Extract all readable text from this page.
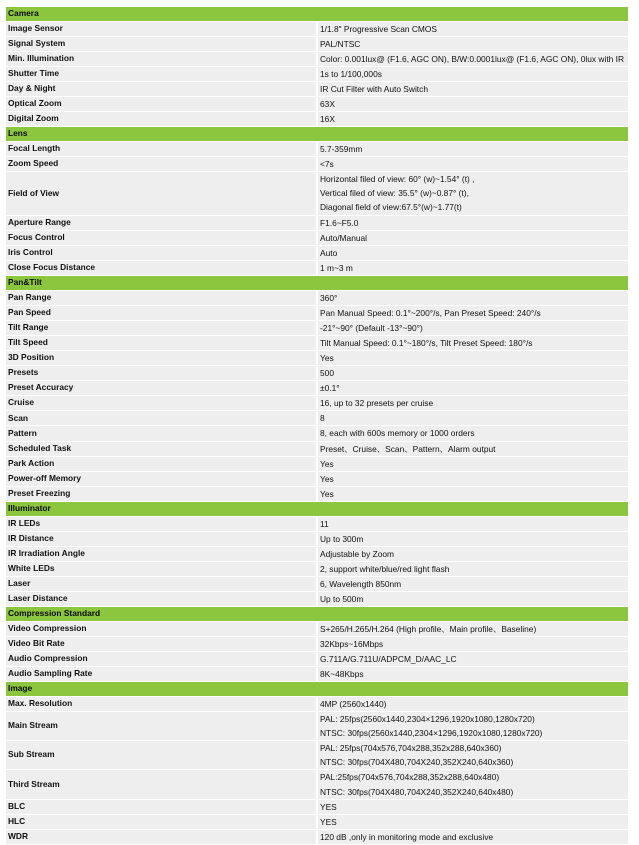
Camera	
Image Sensor	1/1.8" Progressive Scan CMOS

Signal System	PAL/NTSC

Min. Illumination	Color: 0.001lux@ (F1.6, AGC ON), B/W:0.0001lux@ (F1.6, AGC ON), 0lux with IR

Shutter Time	1s to 1/100,000s

Day & Night	IR Cut Filter with Auto Switch

Optical Zoom	63X

Digital Zoom	16X

Lens	
Focal Length	5.7-359mm

Zoom Speed	<7s

Field of View	Horizontal filed of view: 60° (w)~1.54° (t) ,
Vertical filed of view: 35.5° (w)~0.87° (t),
Diagonal field of view:67.5°(w)~1.77(t)

Aperture Range	F1.6~F5.0

Focus Control	Auto/Manual

Iris Control	Auto

Close Focus Distance	1 m~3 m

Pan&Tilt	
Pan Range	360°

Pan Speed	Pan Manual Speed: 0.1°~200°/s, Pan Preset Speed: 240°/s

Tilt Range	-21°~90° (Default -13°~90°)

Tilt Speed	Tilt Manual Speed: 0.1°~180°/s, Tilt Preset Speed: 180°/s

3D Position	Yes

Presets	500

Preset Accuracy	±0.1°

Cruise	16, up to 32 presets per cruise

Scan	8

Pattern	8, each with 600s memory or 1000 orders

Scheduled Task	Preset、Cruise、Scan、Pattern、Alarm output

Park Action	Yes

Power-off Memory	Yes

Preset Freezing	Yes

Illuminator	
IR LEDs	11

IR Distance	Up to 300m

IR Irradiation Angle	Adjustable by Zoom

White LEDs	2, support white/blue/red light flash

Laser	6, Wavelength 850nm

Laser Distance	Up to 500m

Compression Standard	
Video Compression	S+265/H.265/H.264 (High profile、Main profile、Baseline)

Video Bit Rate	32Kbps~16Mbps

Audio Compression	G.711A/G.711U/ADPCM_D/AAC_LC

Audio Sampling Rate	8K~48Kbps

Image	
Max. Resolution	4MP (2560x1440)

Main Stream	PAL: 25fps(2560x1440,2304×1296,1920x1080,1280x720)
NTSC: 30fps(2560x1440,2304×1296,1920x1080,1280x720)

Sub Stream	PAL: 25fps(704x576,704x288,352x288,640x360)
NTSC: 30fps(704X480,704X240,352X240,640x360)

Third Stream	PAL:25fps(704x576,704x288,352x288,640x480)
NTSC: 30fps(704X480,704X240,352X240,640x480)

BLC	YES

HLC	YES

WDR	120 dB ,only in monitoring mode and exclusive
